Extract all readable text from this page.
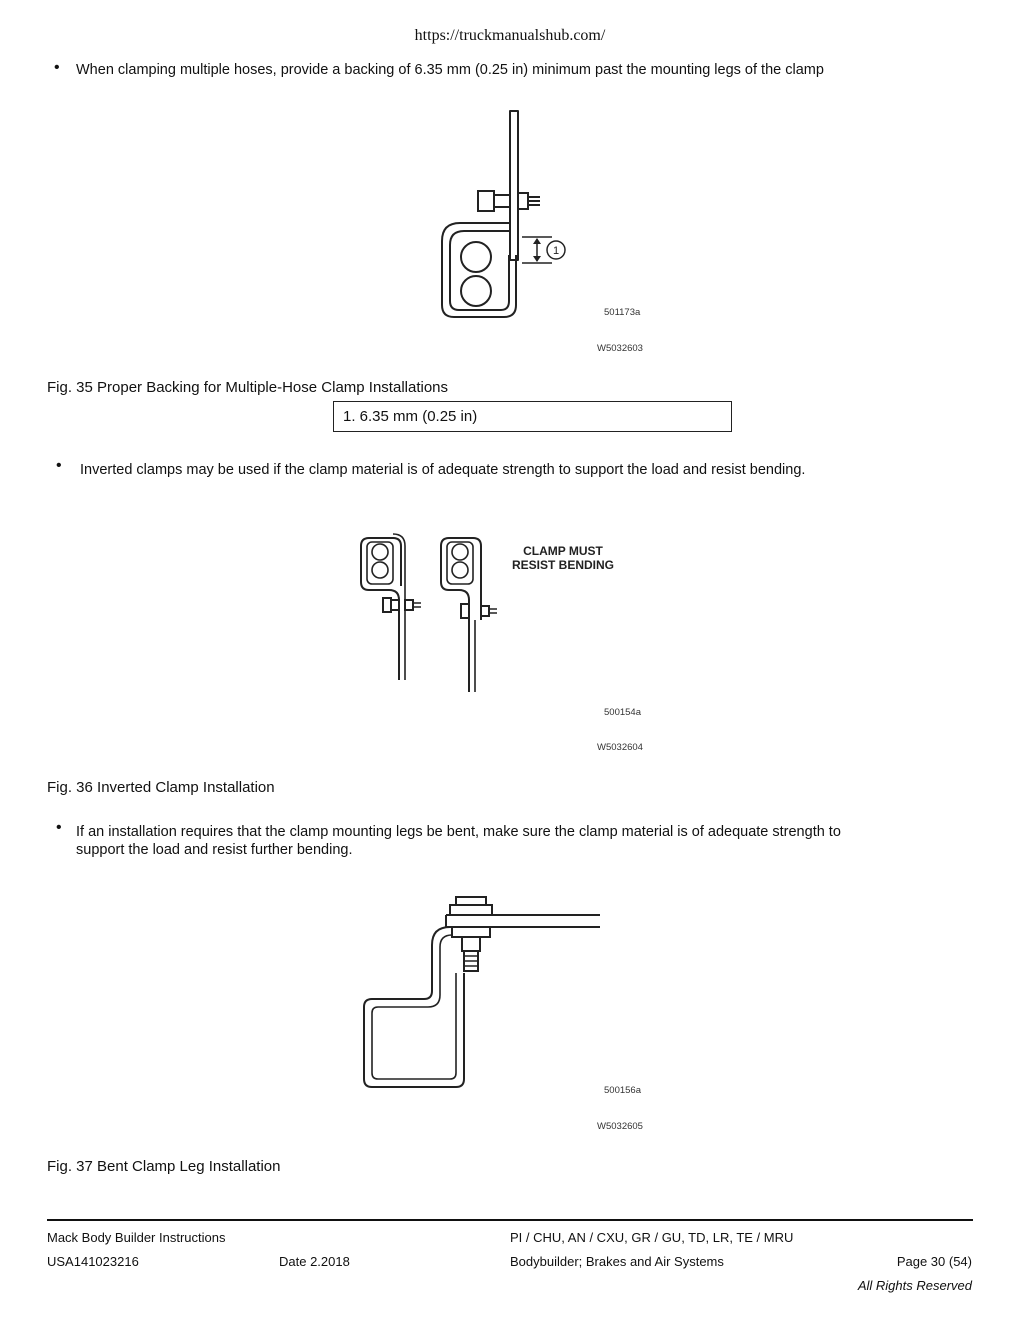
https://truckmanualshub.com/
• When clamping multiple hoses, provide a backing of 6.35 mm (0.25 in) minimum past the mounting legs of the clamp
1
501173a
W5032603
Fig. 35 Proper Backing for Multiple-Hose Clamp Installations
1. 6.35 mm (0.25 in)
• Inverted clamps may be used if the clamp material is of adequate strength to support the load and resist bending.
CLAMP MUST
RESIST BENDING
500154a
W5032604
Fig. 36 Inverted Clamp Installation
• If an installation requires that the clamp mounting legs be bent, make sure the clamp material is of adequate strength to
support the load and resist further bending.
500156a
W5032605
Fig. 37 Bent Clamp Leg Installation
Mack Body Builder Instructions	PI / CHU, AN / CXU, GR / GU, TD, LR, TE / MRU
USA141023216	Date 2.2018	Bodybuilder; Brakes and Air Systems	Page 30 (54)
All Rights Reserved
